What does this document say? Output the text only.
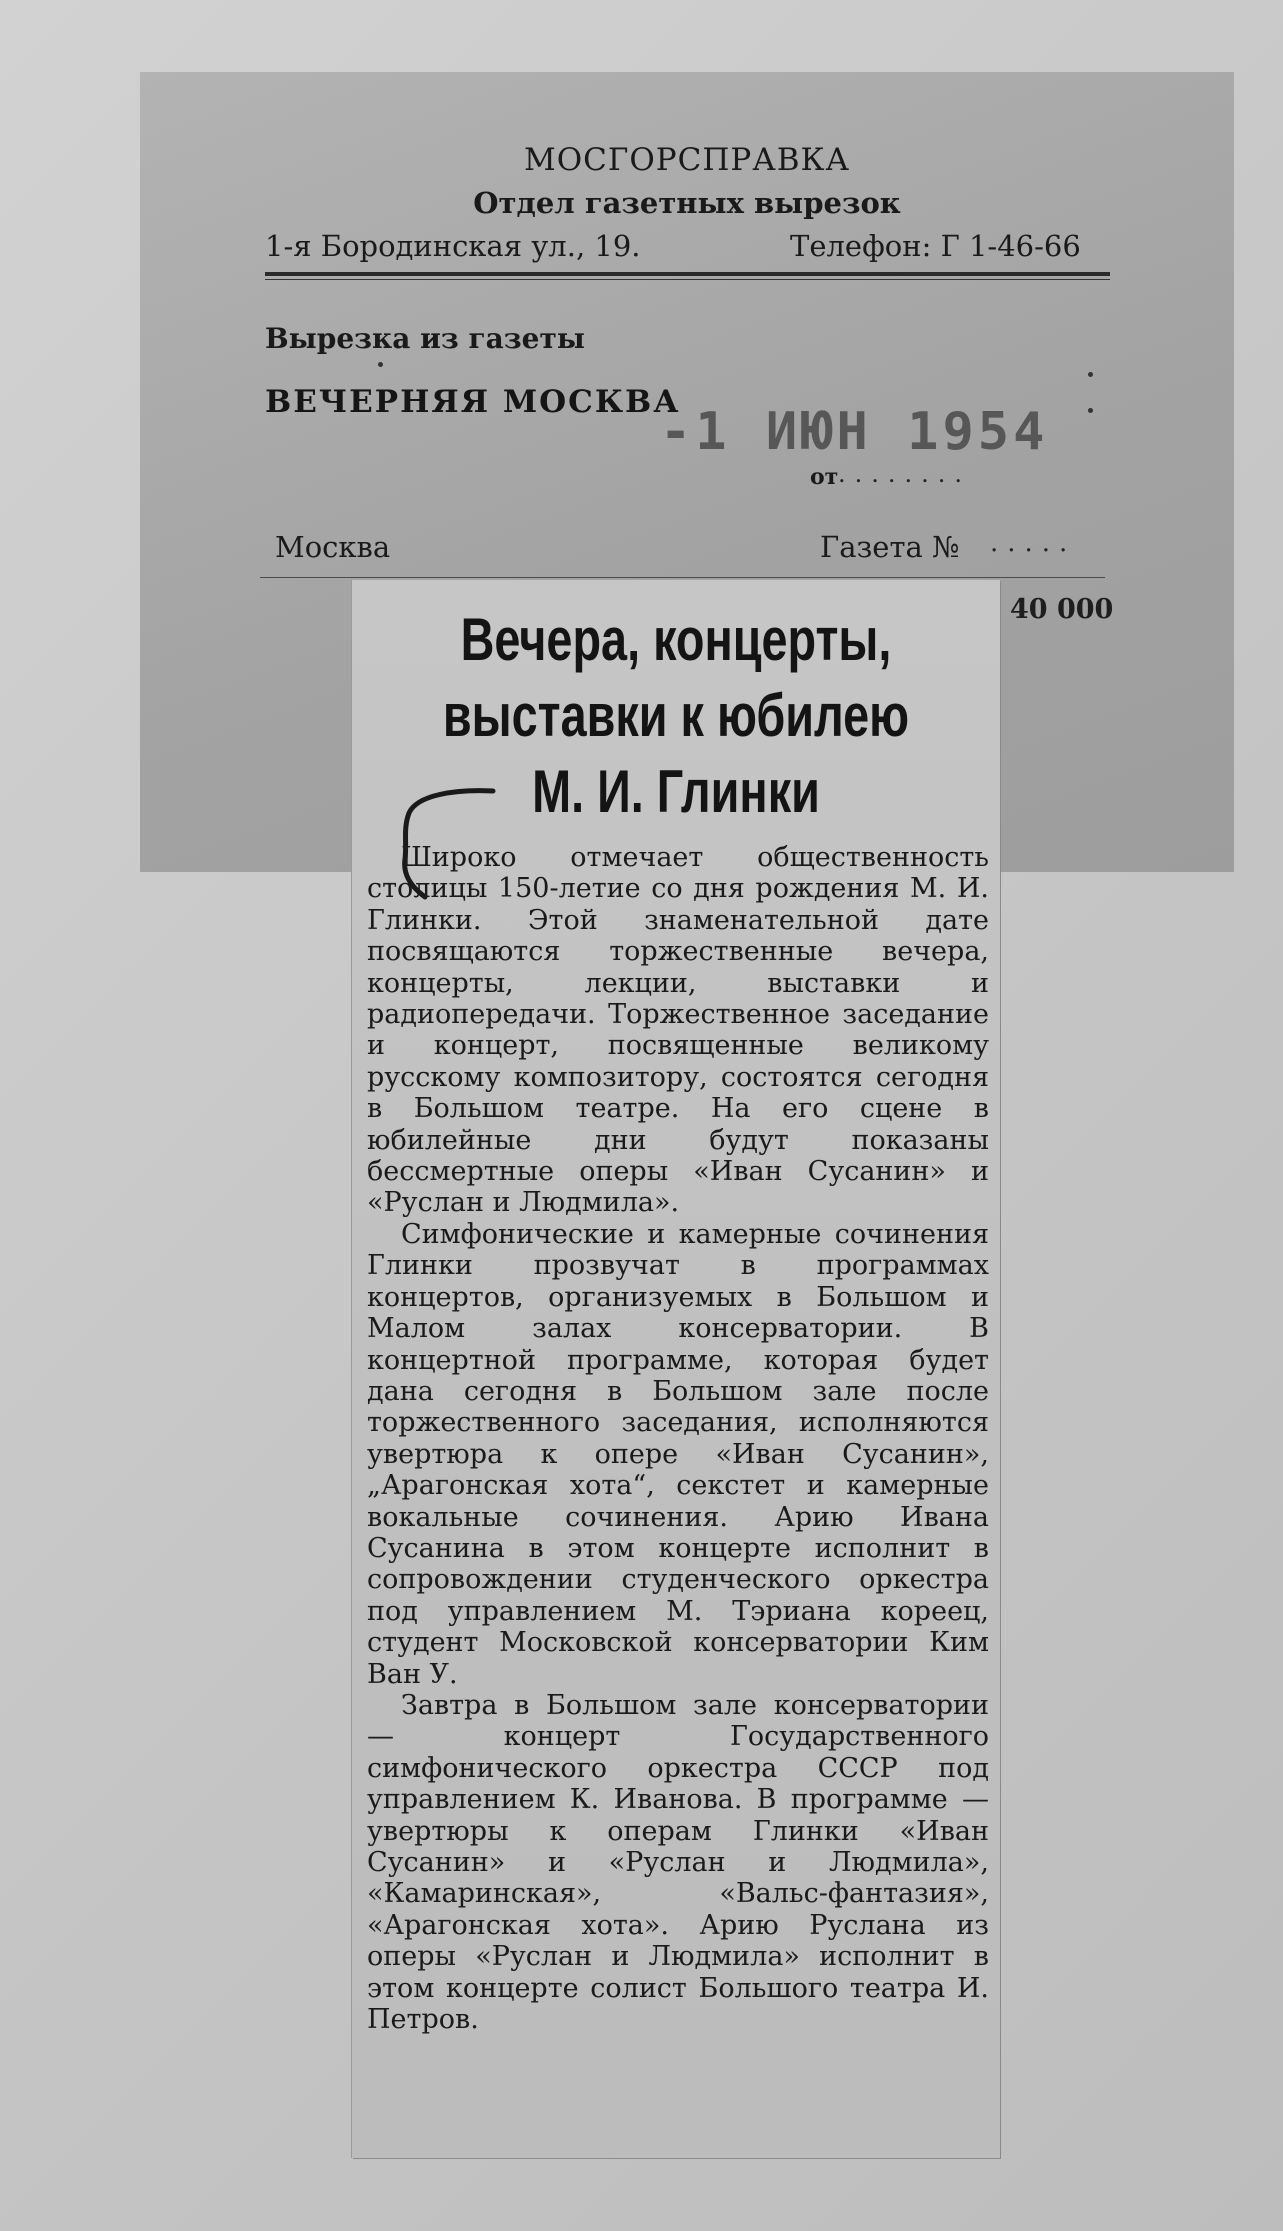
МОСГОРСПРАВКА
Отдел газетных вырезок
1-я Бородинская ул., 19.	Телефон: Г 1-46-66
Вырезка из газеты
ВЕЧЕРНЯЯ МОСКВА
-1 ИЮН 1954
от ........
Москва	Газета № .....
40 000
Вечера, концерты,
выставки к юбилею
М. И. Глинки

Широко отмечает общественность столицы 150-летие со дня рождения М. И. Глинки. Этой знаменательной дате посвящаются торжественные вечера, концерты, лекции, выставки и радиопередачи. Торжественное заседание и концерт, посвященные великому русскому композитору, состоятся сегодня в Большом театре. На его сцене в юбилейные дни будут показаны бессмертные оперы «Иван Сусанин» и «Руслан и Людмила».

Симфонические и камерные сочинения Глинки прозвучат в программах концертов, организуемых в Большом и Малом залах консерватории. В концертной программе, которая будет дана сегодня в Большом зале после торжественного заседания, исполняются увертюра к опере «Иван Сусанин», „Арагонская хота“, секстет и камерные вокальные сочинения. Арию Ивана Сусанина в этом концерте исполнит в сопровождении студенческого оркестра под управлением М. Тэриана кореец, студент Московской консерватории Ким Ван У.

Завтра в Большом зале консерватории — концерт Государственного симфонического оркестра СССР под управлением К. Иванова. В программе — увертюры к операм Глинки «Иван Сусанин» и «Руслан и Людмила», «Камаринская», «Вальс-фантазия», «Арагонская хота». Арию Руслана из оперы «Руслан и Людмила» исполнит в этом концерте солист Большого театра И. Петров.
